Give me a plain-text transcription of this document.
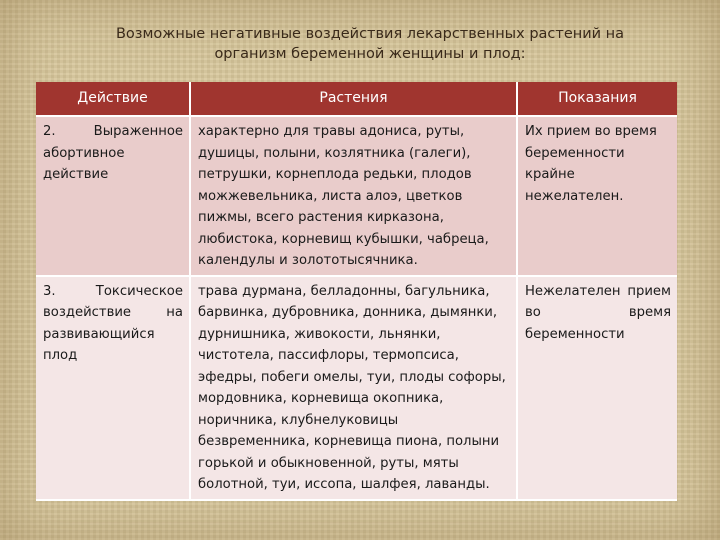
Возможные негативные воздействия лекарственных растений на
организм беременной женщины и плод:
Действие	Растения	Показания
2. Выраженное абортивное действие	характерно для травы адониса, руты, душицы, полыни, козлятника (галеги), петрушки, корнеплода редьки, плодов можжевельника, листа алоэ, цветков пижмы, всего растения кирказона, любистока, корневищ кубышки, чабреца, календулы и золототысячника.	Их прием во время беременности крайне нежелателен.
3. Токсическое воздействие на развивающийся плод	трава дурмана, белладонны, багульника, барвинка, дубровника, донника, дымянки, дурнишника, живокости, льнянки, чистотела, пассифлоры, термопсиса, эфедры, побеги омелы, туи, плоды софоры, мордовника, корневища окопника, норичника, клубнелуковицы безвременника, корневища пиона, полыни горькой и обыкновенной, руты, мяты болотной, туи, иссопа, шалфея, лаванды.	Нежелателен прием во время беременности
